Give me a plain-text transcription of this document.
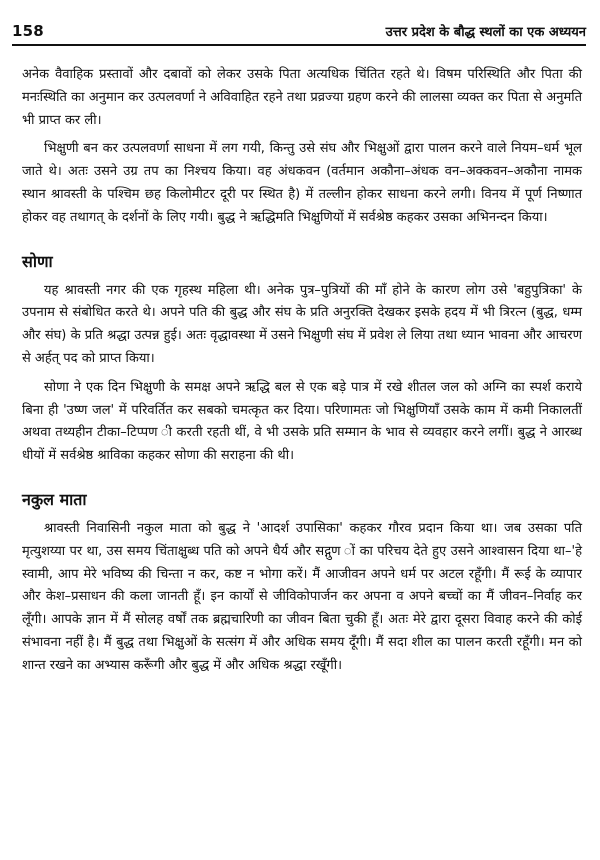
158	उत्तर प्रदेश के बौद्ध स्थलों का एक अध्ययन

अनेक वैवाहिक प्रस्तावों और दबावों को लेकर उसके पिता अत्यधिक चिंतित रहते थे। विषम परिस्थिति और पिता की मनःस्थिति का अनुमान कर उत्पलवर्णा ने अविवाहित रहने तथा प्रव्रज्या ग्रहण करने की लालसा व्यक्त कर पिता से अनुमति भी प्राप्त कर ली।

भिक्षुणी बन कर उत्पलवर्णा साधना में लग गयी, किन्तु उसे संघ और भिक्षुओं द्वारा पालन करने वाले नियम–धर्म भूल जाते थे। अतः उसने उग्र तप का निश्चय किया। वह अंधकवन (वर्तमान अकौना–अंधक वन–अक्कवन–अकौना नामक स्थान श्रावस्ती के पश्चिम छह किलोमीटर दूरी पर स्थित है) में तल्लीन होकर साधना करने लगी। विनय में पूर्ण निष्णात होकर वह तथागत् के दर्शनों के लिए गयी। बुद्ध ने ऋद्धिमति भिक्षुणियों में सर्वश्रेष्ठ कहकर उसका अभिनन्दन किया।

सोणा

यह श्रावस्ती नगर की एक गृहस्थ महिला थी। अनेक पुत्र–पुत्रियों की माँ होने के कारण लोग उसे 'बहुपुत्रिका' के उपनाम से संबोधित करते थे। अपने पति की बुद्ध और संघ के प्रति अनुरक्ति देखकर इसके हदय में भी त्रिरत्न (बुद्ध, धम्म और संघ) के प्रति श्रद्धा उत्पन्न हुई। अतः वृद्धावस्था में उसने भिक्षुणी संघ में प्रवेश ले लिया तथा ध्यान भावना और आचरण से अर्हत् पद को प्राप्त किया।

सोणा ने एक दिन भिक्षुणी के समक्ष अपने ऋद्धि बल से एक बड़े पात्र में रखे शीतल जल को अग्नि का स्पर्श कराये बिना ही 'उष्ण जल' में परिवर्तित कर सबको चमत्कृत कर दिया। परिणामतः जो भिक्षुणियाँ उसके काम में कमी निकालतीं अथवा तथ्यहीन टीका–टिप्पण ी करती रहती थीं, वे भी उसके प्रति सम्मान के भाव से व्यवहार करने लगीं। बुद्ध ने आरब्ध धीयों में सर्वश्रेष्ठ श्राविका कहकर सोणा की सराहना की थी।

नकुल माता

श्रावस्ती निवासिनी नकुल माता को बुद्ध ने 'आदर्श उपासिका' कहकर गौरव प्रदान किया था। जब उसका पति मृत्युशय्या पर था, उस समय चिंताक्षुब्ध पति को अपने धैर्य और सद्गुण ों का परिचय देते हुए उसने आश्वासन दिया था–'हे स्वामी, आप मेरे भविष्य की चिन्ता न कर, कष्ट न भोगा करें। मैं आजीवन अपने धर्म पर अटल रहूँगी। मैं रूई के व्यापार और केश–प्रसाधन की कला जानती हूँ। इन कार्यों से जीविकोपार्जन कर अपना व अपने बच्चों का मैं जीवन–निर्वाह कर लूँगी। आपके ज्ञान में मैं सोलह वर्षों तक ब्रह्मचारिणी का जीवन बिता चुकी हूँ। अतः मेरे द्वारा दूसरा विवाह करने की कोई संभावना नहीं है। मैं बुद्ध तथा भिक्षुओं के सत्संग में और अधिक समय दूँगी। मैं सदा शील का पालन करती रहूँगी। मन को शान्त रखने का अभ्यास करूँगी और बुद्ध में और अधिक श्रद्धा रखूँगी।
